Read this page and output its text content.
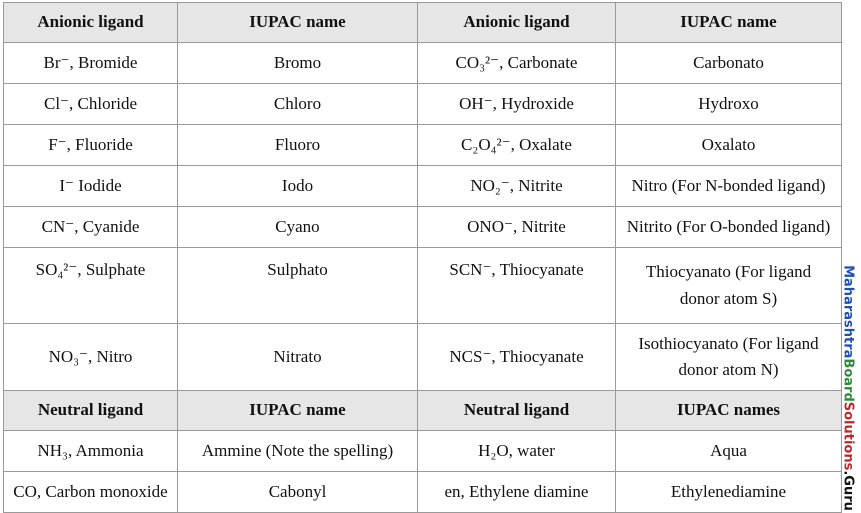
Anionic ligand	IUPAC name	Anionic ligand	IUPAC name
Br⁻, Bromide	Bromo	CO₃²⁻, Carbonate	Carbonato
Cl⁻, Chloride	Chloro	OH⁻, Hydroxide	Hydroxo
F⁻, Fluoride	Fluoro	C₂O₄²⁻, Oxalate	Oxalato
I⁻ Iodide	Iodo	NO₂⁻, Nitrite	Nitro (For N-bonded ligand)
CN⁻, Cyanide	Cyano	ONO⁻, Nitrite	Nitrito (For O-bonded ligand)
SO₄²⁻, Sulphate	Sulphato	SCN⁻, Thiocyanate	Thiocyanato (For ligand
donor atom S)
NO₃⁻, Nitro	Nitrato	NCS⁻, Thiocyanate	Isothiocyanato (For ligand
donor atom N)
Neutral ligand	IUPAC name	Neutral ligand	IUPAC names
NH₃, Ammonia	Ammine (Note the spelling)	H₂O, water	Aqua
CO, Carbon monoxide	Cabonyl	en, Ethylene diamine	Ethylenediamine
MaharashtraBoardSolutions.Guru
